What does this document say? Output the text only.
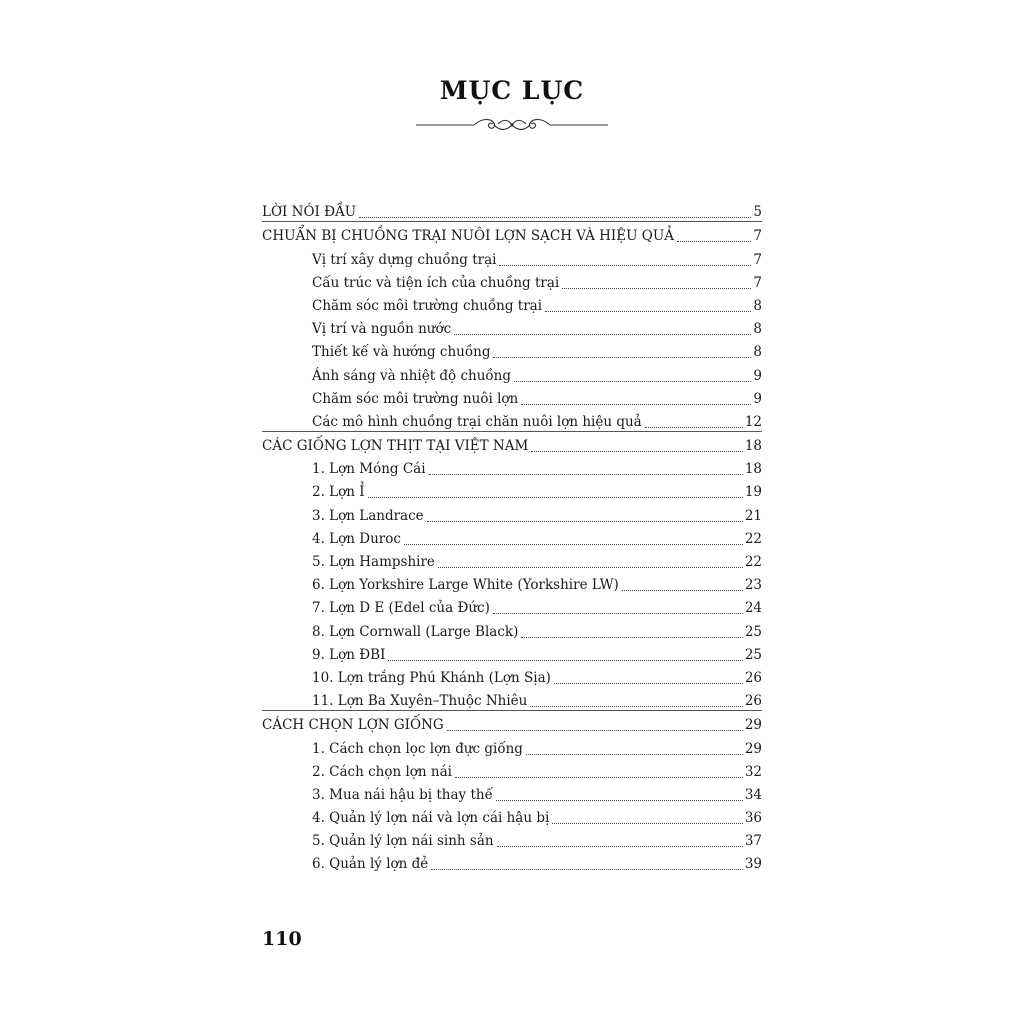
MỤC LỤC
LỜI NÓI ĐẦU	5
CHUẨN BỊ CHUỒNG TRẠI NUÔI LỢN SẠCH VÀ HIỆU QUẢ	7
Vị trí xây dựng chuồng trại	7
Cấu trúc và tiện ích của chuồng trại	7
Chăm sóc môi trường chuồng trại	8
Vị trí và nguồn nước	8
Thiết kế và hướng chuồng	8
Ánh sáng và nhiệt độ chuồng	9
Chăm sóc môi trường nuôi lợn	9
Các mô hình chuồng trại chăn nuôi lợn hiệu quả	12
CÁC GIỐNG LỢN THỊT TẠI VIỆT NAM	18
1. Lợn Móng Cái	18
2. Lợn Ỉ	19
3. Lợn Landrace	21
4. Lợn Duroc	22
5. Lợn Hampshire	22
6. Lợn Yorkshire Large White (Yorkshire LW)	23
7. Lợn D E (Edel của Đức)	24
8. Lợn Cornwall (Large Black)	25
9. Lợn ĐBI	25
10. Lợn trắng Phú Khánh (Lợn Sịa)	26
11. Lợn Ba Xuyên–Thuộc Nhiêu	26
CÁCH CHỌN LỢN GIỐNG	29
1. Cách chọn lọc lợn đực giống	29
2. Cách chọn lợn nái	32
3. Mua nái hậu bị thay thế	34
4. Quản lý lợn nái và lợn cái hậu bị	36
5. Quản lý lợn nái sinh sản	37
6. Quản lý lợn đẻ	39
110
